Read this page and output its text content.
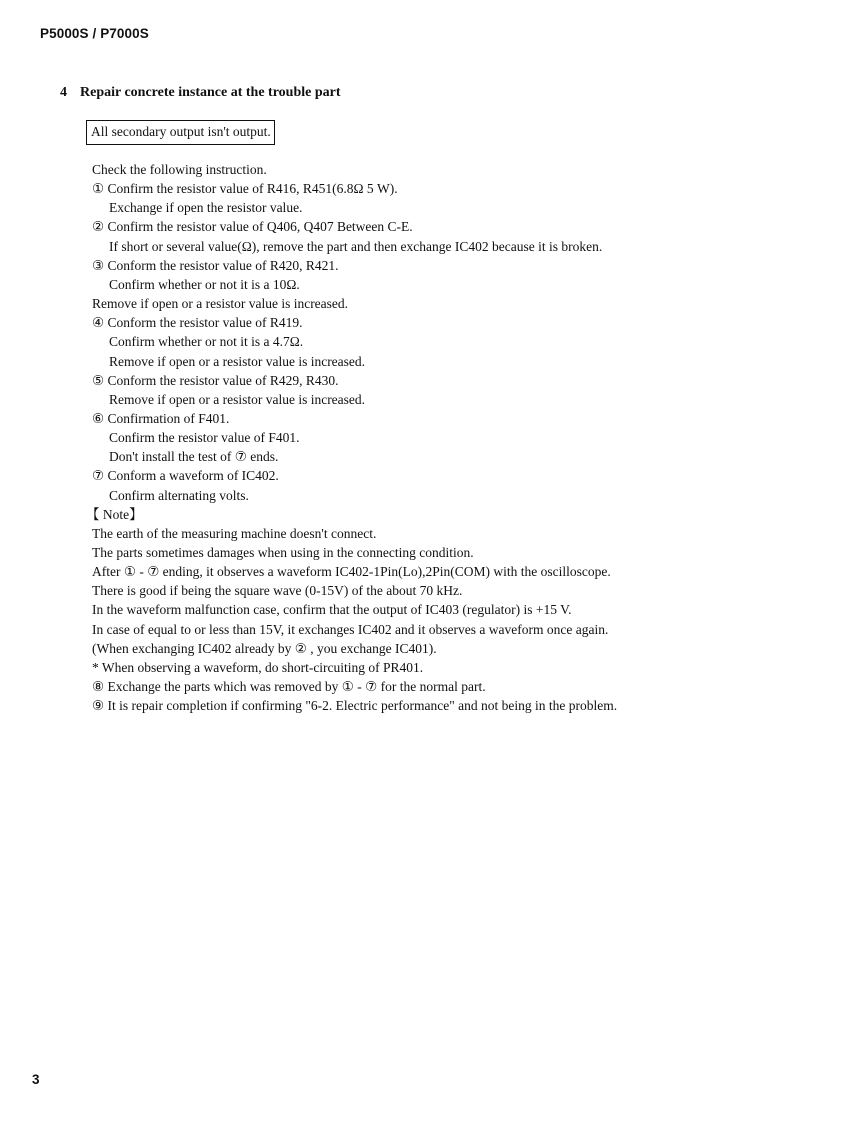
P5000S / P7000S
4 Repair concrete instance at the trouble part
All secondary output isn't output.
Check the following instruction.
① Confirm the resistor value of R416, R451(6.8Ω 5 W).
Exchange if open the resistor value.
② Confirm the resistor value of Q406, Q407 Between C-E.
If short or several value(Ω), remove the part and then exchange IC402 because it is broken.
③ Conform the resistor value of R420, R421.
Confirm whether or not it is a 10Ω.
Remove if open or a resistor value is increased.
④ Conform the resistor value of R419.
Confirm whether or not it is a 4.7Ω.
Remove if open or a resistor value is increased.
⑤ Conform the resistor value of R429, R430.
Remove if open or a resistor value is increased.
⑥ Confirmation of F401.
Confirm the resistor value of F401.
Don't install the test of ⑦ ends.
⑦ Conform a waveform of IC402.
Confirm alternating volts.
【 Note】
The earth of the measuring machine doesn't connect.
The parts sometimes damages when using in the connecting condition.
After ① - ⑦ ending, it observes a waveform IC402-1Pin(Lo),2Pin(COM) with the oscilloscope.
There is good if being the square wave (0-15V) of the about 70 kHz.
In the waveform malfunction case, confirm that the output of IC403 (regulator) is +15 V.
In case of equal to or less than 15V, it exchanges IC402 and it observes a waveform once again.
(When exchanging IC402 already by ② , you exchange IC401).
* When observing a waveform, do short-circuiting of PR401.
⑧ Exchange the parts which was removed by ① - ⑦ for the normal part.
⑨ It is repair completion if confirming "6-2. Electric performance" and not being in the problem.
3
